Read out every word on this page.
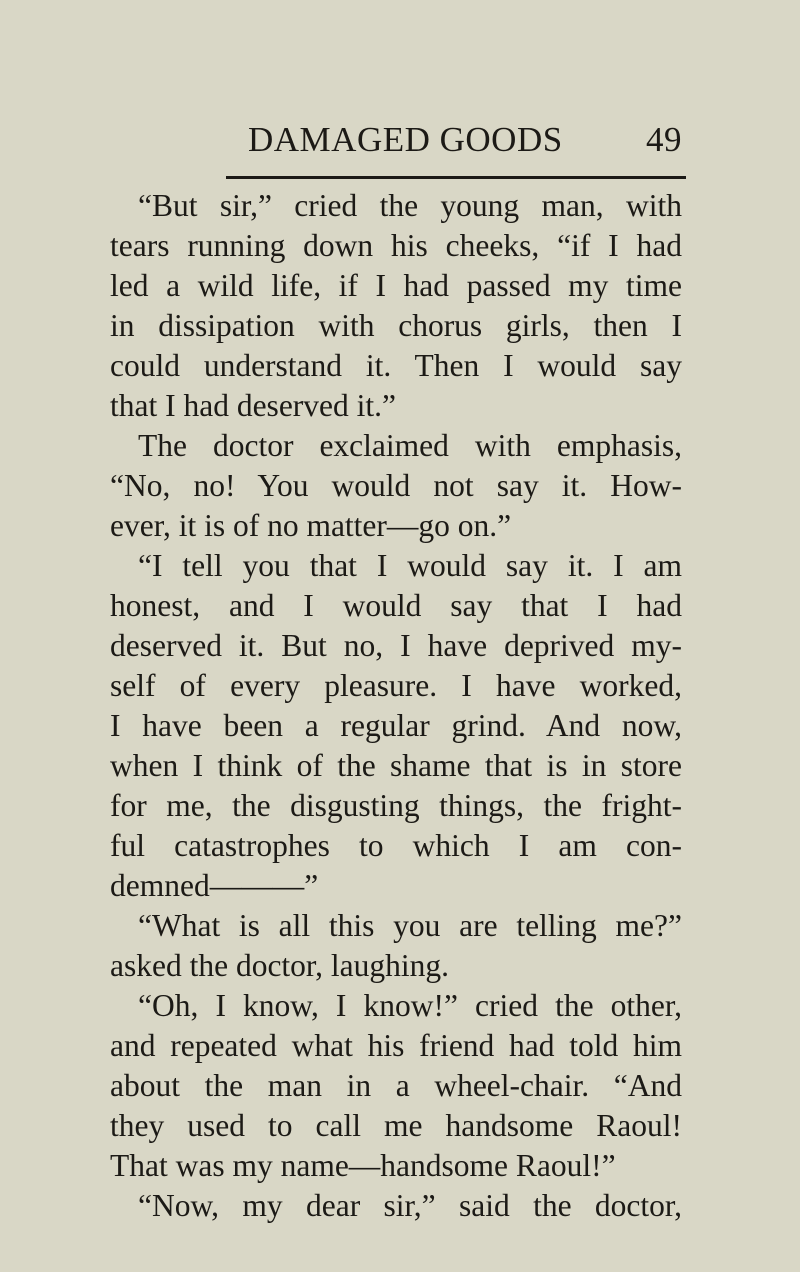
DAMAGED GOODS 49
“But sir,” cried the young man, with
tears running down his cheeks, “if I had
led a wild life, if I had passed my time
in dissipation with chorus girls, then I
could understand it. Then I would say
that I had deserved it.”
The doctor exclaimed with emphasis,
“No, no! You would not say it. How-
ever, it is of no matter—go on.”
“I tell you that I would say it. I am
honest, and I would say that I had
deserved it. But no, I have deprived my-
self of every pleasure. I have worked,
I have been a regular grind. And now,
when I think of the shame that is in store
for me, the disgusting things, the fright-
ful catastrophes to which I am con-
demned———”
“What is all this you are telling me?”
asked the doctor, laughing.
“Oh, I know, I know!” cried the other,
and repeated what his friend had told him
about the man in a wheel-chair. “And
they used to call me handsome Raoul!
That was my name—handsome Raoul!”
“Now, my dear sir,” said the doctor,
